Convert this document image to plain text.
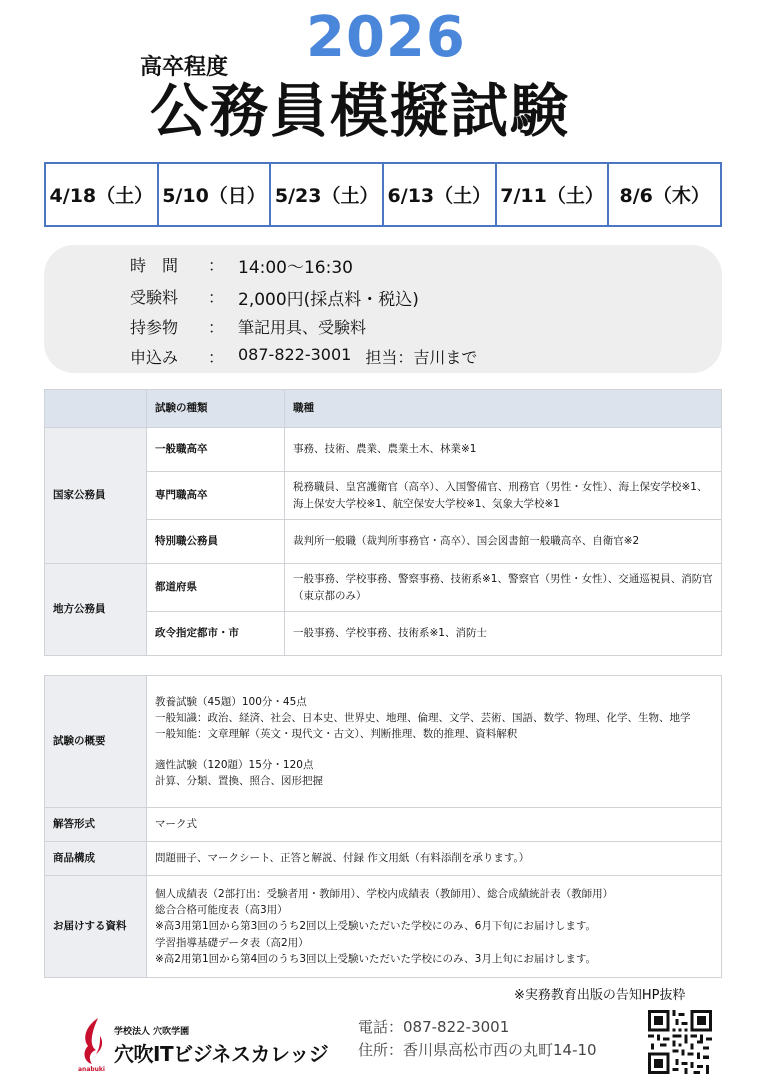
高卒程度 2026
公務員模擬試験
4/18（土） 5/10（日） 5/23（土） 6/13（土） 7/11（土） 8/6（木）
時　間	： 14:00〜16:30
受験料	： 2,000円(採点料・税込)
持参物	： 筆記用具、受験料
申込み	： 087-822-3001 担当：吉川まで
	試験の種類	職種
国家公務員	一般職高卒	事務、技術、農業、農業土木、林業※1
	専門職高卒	税務職員、皇宮護衛官（高卒）、入国警備官、刑務官（男性・女性）、海上保安学校※1、海上保安大学校※1、航空保安大学校※1、気象大学校※1
	特別職公務員	裁判所一般職（裁判所事務官・高卒）、国会図書館一般職高卒、自衛官※2
地方公務員	都道府県	一般事務、学校事務、警察事務、技術系※1、警察官（男性・女性）、交通巡視員、消防官（東京都のみ）
	政令指定都市・市	一般事務、学校事務、技術系※1、消防士
試験の概要	教養試験（45題）100分・45点
一般知識：政治、経済、社会、日本史、世界史、地理、倫理、文学、芸術、国語、数学、物理、化学、生物、地学
一般知能：文章理解（英文・現代文・古文）、判断推理、数的推理、資料解釈
適性試験（120題）15分・120点
計算、分類、置換、照合、図形把握

解答形式	マーク式
商品構成	問題冊子、マークシート、正答と解説、付録 作文用紙（有料添削を承ります。）
お届けする資料	個人成績表（2部打出：受験者用・教師用）、学校内成績表（教師用）、総合成績統計表（教師用）
総合合格可能度表（高3用）
※高3用第1回から第3回のうち2回以上受験いただいた学校にのみ、6月下旬にお届けします。
学習指導基礎データ表（高2用）
※高2用第1回から第4回のうち3回以上受験いただいた学校にのみ、3月上旬にお届けします。
※実務教育出版の告知HP抜粋
anabuki
学校法人 穴吹学園
穴吹ITビジネスカレッジ
電話：087-822-3001
住所：香川県高松市西の丸町14-10
